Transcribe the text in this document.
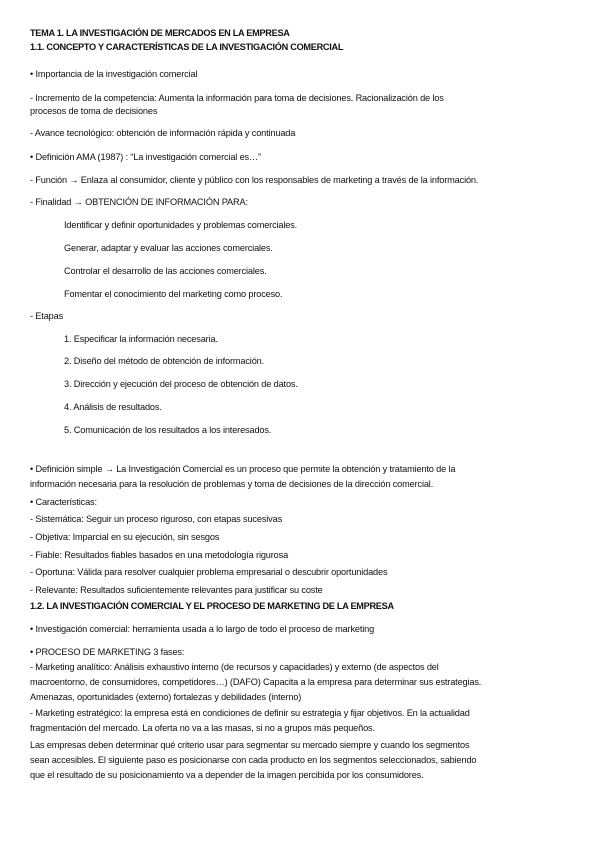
TEMA 1. LA INVESTIGACIÓN DE MERCADOS EN LA EMPRESA
1.1. CONCEPTO Y CARACTERÍSTICAS DE LA INVESTIGACIÓN COMERCIAL
• Importancia de la investigación comercial
- Incremento de la competencia: Aumenta la información para toma de decisiones. Racionalización de los
procesos de toma de decisiones
- Avance tecnológico: obtención de información rápida y continuada
• Definición AMA (1987) : “La investigación comercial es…”
- Función → Enlaza al consumidor, cliente y público con los responsables de marketing a través de la información.
- Finalidad → OBTENCIÓN DE INFORMACIÓN PARA:
Identificar y definir oportunidades y problemas comerciales.
Generar, adaptar y evaluar las acciones comerciales.
Controlar el desarrollo de las acciones comerciales.
Fomentar el conocimiento del marketing como proceso.
- Etapas
1. Especificar la información necesaria.
2. Diseño del método de obtención de información.
3. Dirección y ejecución del proceso de obtención de datos.
4. Análisis de resultados.
5. Comunicación de los resultados a los interesados.
• Definición simple → La Investigación Comercial es un proceso que permite la obtención y tratamiento de la
información necesaria para la resolución de problemas y toma de decisiones de la dirección comercial.
• Características:
- Sistemática: Seguir un proceso riguroso, con etapas sucesivas
- Objetiva: Imparcial en su ejecución, sin sesgos
- Fiable: Resultados fiables basados en una metodología rigurosa
- Oportuna: Válida para resolver cualquier problema empresarial o descubrir oportunidades
- Relevante: Resultados suficientemente relevantes para justificar su coste
1.2. LA INVESTIGACIÓN COMERCIAL Y EL PROCESO DE MARKETING DE LA EMPRESA
• Investigación comercial: herramienta usada a lo largo de todo el proceso de marketing
• PROCESO DE MARKETING 3 fases:
- Marketing analítico: Análisis exhaustivo interno (de recursos y capacidades) y externo (de aspectos del
macroentorno, de consumidores, competidores…) (DAFO) Capacita a la empresa para determinar sus estrategias.
Amenazas, oportunidades (externo) fortalezas y debilidades (interno)
- Marketing estratégico: la empresa está en condiciones de definir su estrategia y fijar objetivos. En la actualidad
fragmentación del mercado. La oferta no va a las masas, si no a grupos más pequeños.
Las empresas deben determinar qué criterio usar para segmentar su mercado siempre y cuando los segmentos
sean accesibles. El siguiente paso es posicionarse con cada producto en los segmentos seleccionados, sabiendo
que el resultado de su posicionamiento va a depender de la imagen percibida por los consumidores.
